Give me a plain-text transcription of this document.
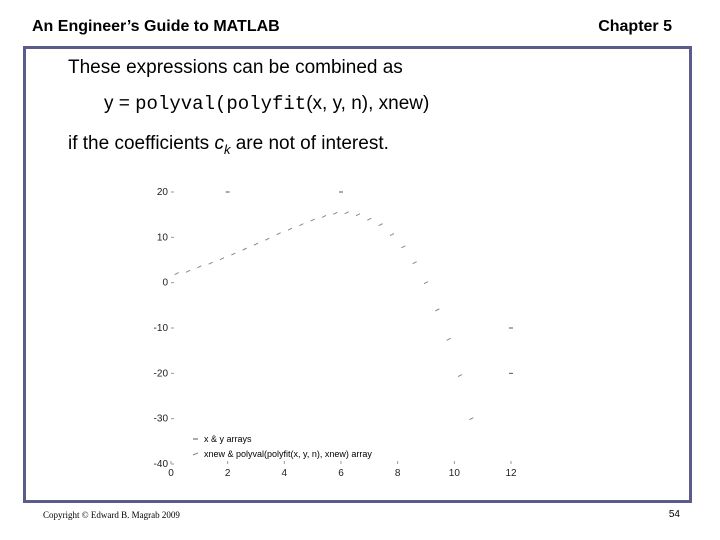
An Engineer’s Guide to MATLAB	Chapter 5
These expressions can be combined as
y = polyval(polyfit(x, y, n), xnew)
if the coefficients $c_k$ are not of interest.
x & y arrays
xnew & polyval(polyfit(x, y, n), xnew) array
20
10
0
-10
-20
-30
-40
0	2	4	6	8	10	12
Copyright © Edward B. Magrab 2009	54
